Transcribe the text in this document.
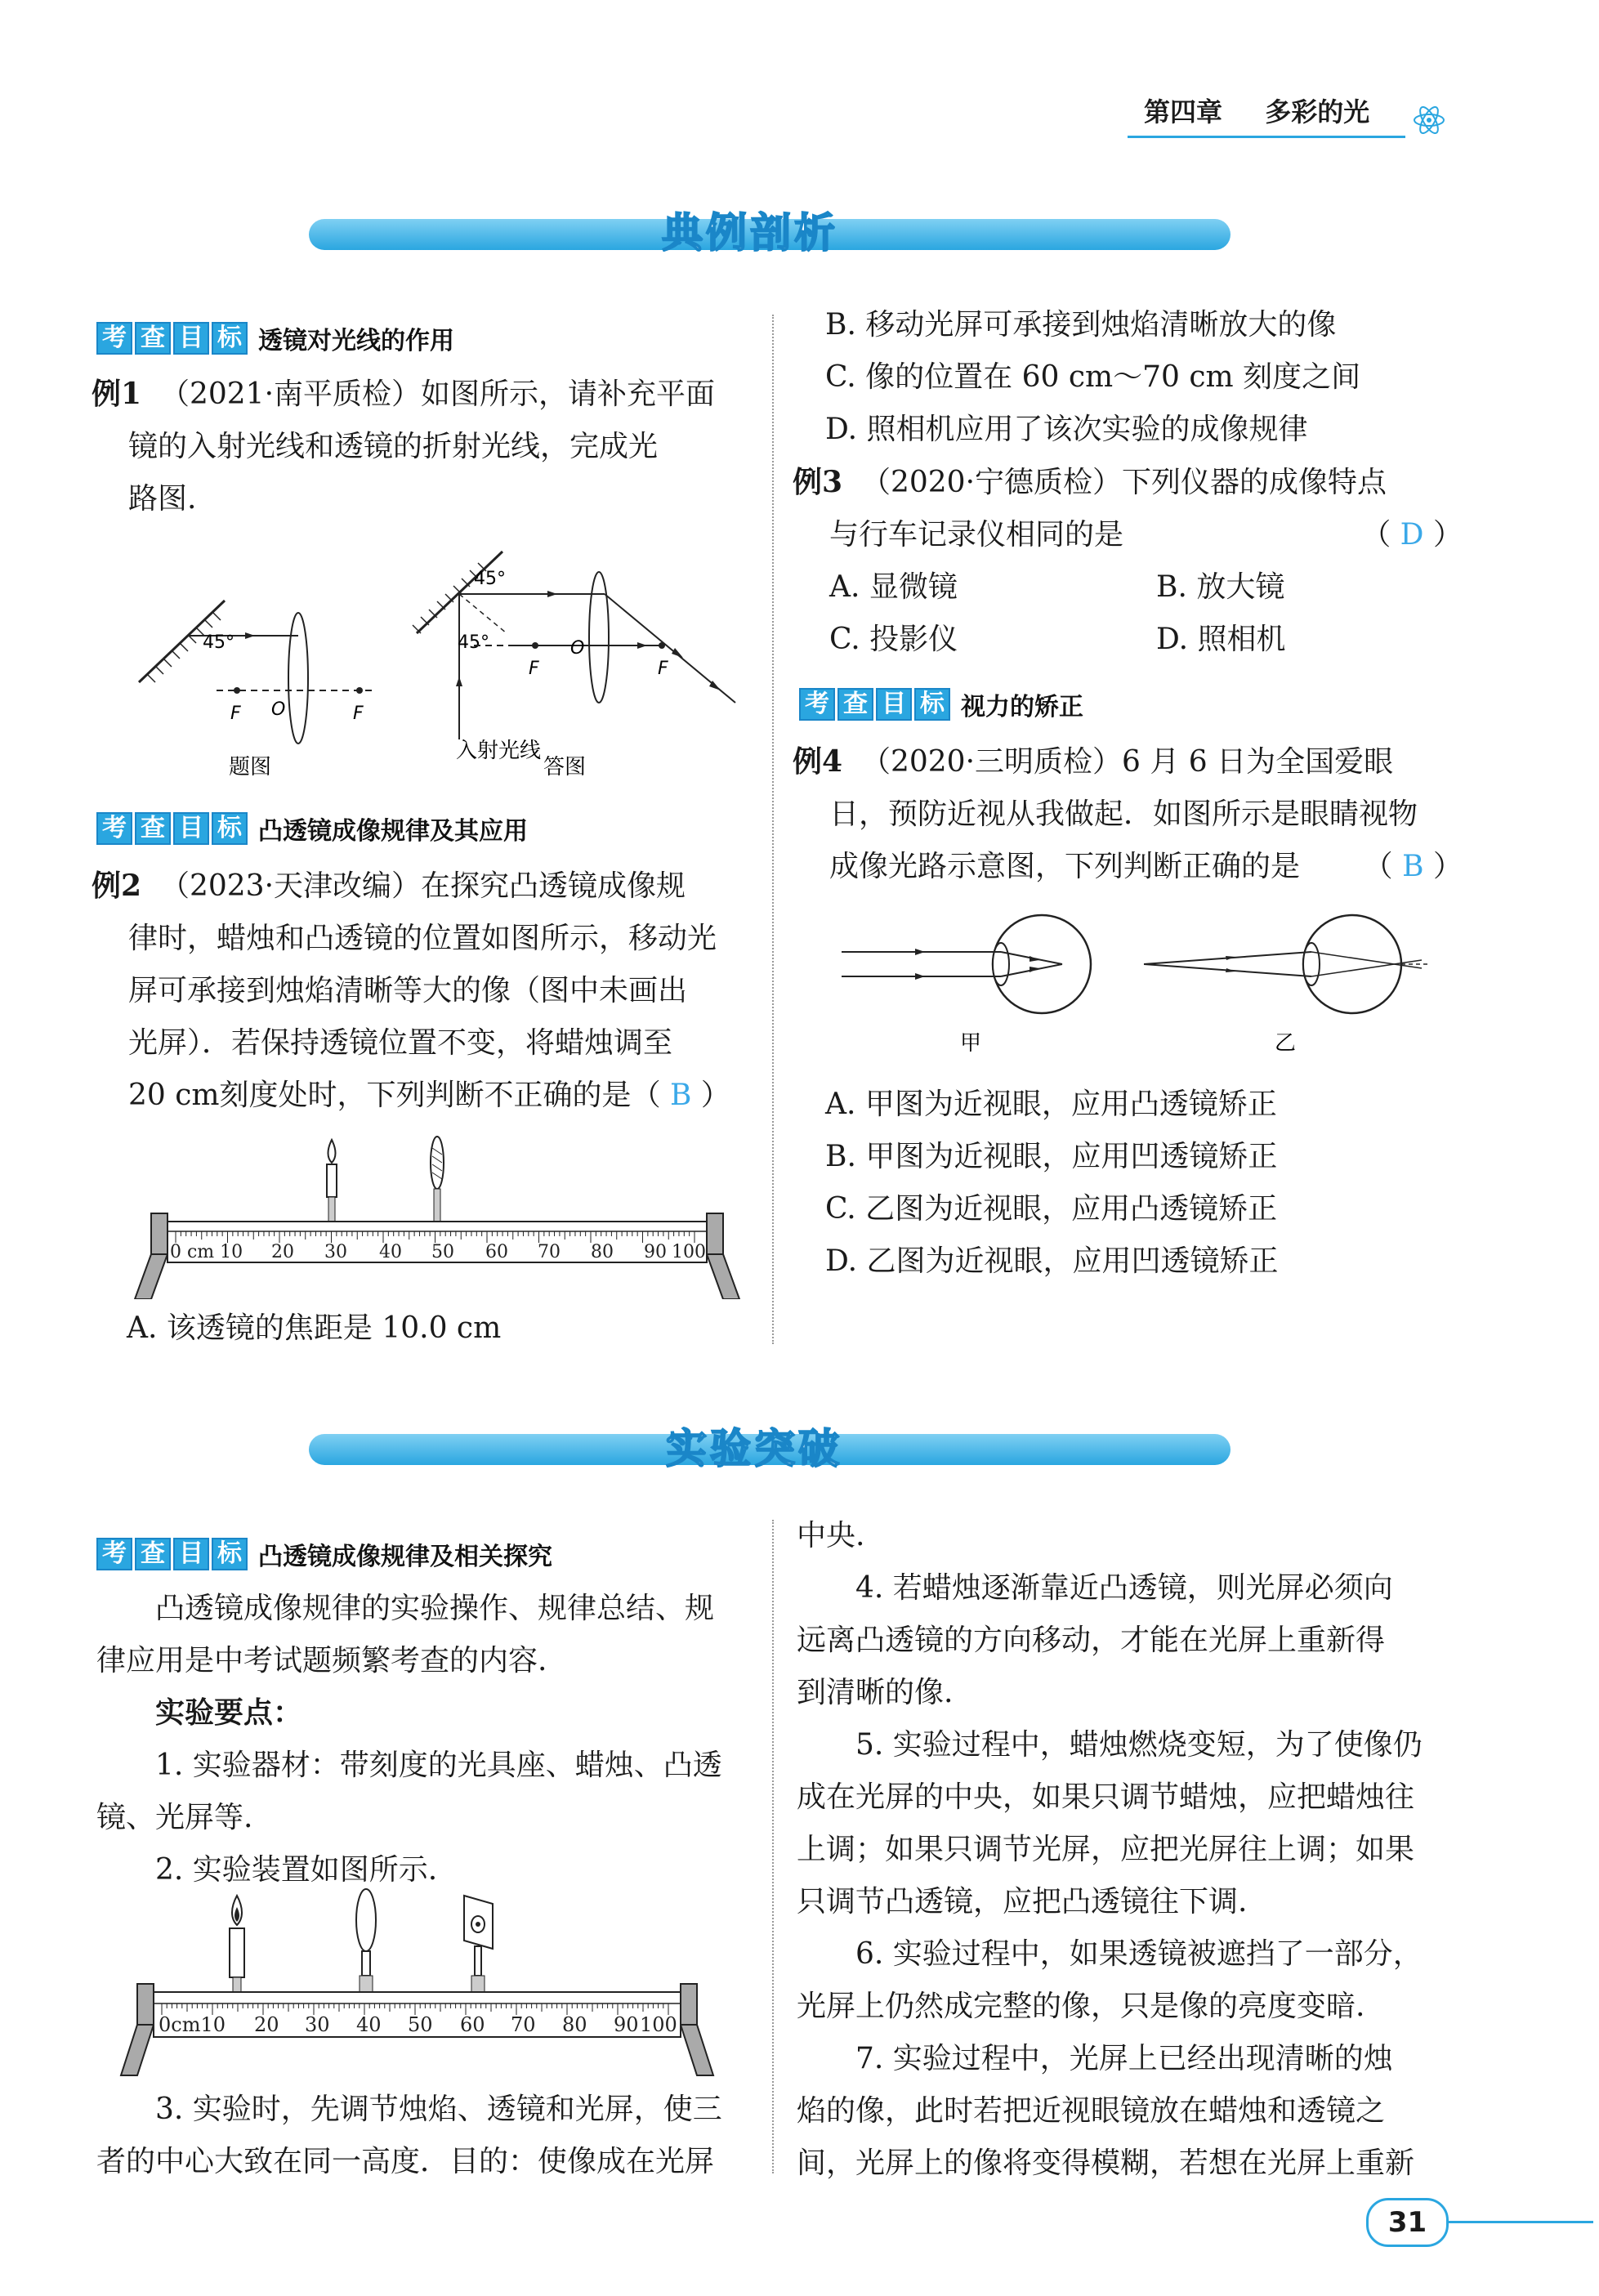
第四章 多彩的光
典例剖析
考 查 目 标 透镜对光线的作用
例1 （2021·南平质检）如图所示，请补充平面
镜的入射光线和透镜的折射光线，完成光
路图.
45°
F O	F
题图
45°
45°
F
O
F
入射光线
答图
考 查 目 标 凸透镜成像规律及其应用
例2 （2023·天津改编）在探究凸透镜成像规
律时，蜡烛和凸透镜的位置如图所示，移动光
屏可承接到烛焰清晰等大的像（图中未画出
光屏）．若保持透镜位置不变，将蜡烛调至
20 cm刻度处时，下列判断不正确的是（ B ）
0 cm 10 20 30 40 50 60 70 80 90 100
A. 该透镜的焦距是 10.0 cm
B. 移动光屏可承接到烛焰清晰放大的像
C. 像的位置在 60 cm～70 cm 刻度之间
D. 照相机应用了该次实验的成像规律
例3 （2020·宁德质检）下列仪器的成像特点
与行车记录仪相同的是	（ D ）
A. 显微镜	B. 放大镜
C. 投影仪	D. 照相机
考 查 目 标 视力的矫正
例4 （2020·三明质检）6 月 6 日为全国爱眼
日，预防近视从我做起．如图所示是眼睛视物
成像光路示意图，下列判断正确的是 （ B ）
甲	乙
A. 甲图为近视眼，应用凸透镜矫正
B. 甲图为近视眼，应用凹透镜矫正
C. 乙图为近视眼，应用凸透镜矫正
D. 乙图为近视眼，应用凹透镜矫正
实验突破
考 查 目 标 凸透镜成像规律及相关探究
凸透镜成像规律的实验操作、规律总结、规
律应用是中考试题频繁考查的内容.
实验要点：
1. 实验器材：带刻度的光具座、蜡烛、凸透
镜、光屏等.
2. 实验装置如图所示.
0cm10 20 30 40 50 60 70 80 90 100
3. 实验时，先调节烛焰、透镜和光屏，使三
者的中心大致在同一高度．目的：使像成在光屏
中央.
4. 若蜡烛逐渐靠近凸透镜，则光屏必须向
远离凸透镜的方向移动，才能在光屏上重新得
到清晰的像.
5. 实验过程中，蜡烛燃烧变短，为了使像仍
成在光屏的中央，如果只调节蜡烛，应把蜡烛往
上调；如果只调节光屏，应把光屏往上调；如果
只调节凸透镜，应把凸透镜往下调.
6. 实验过程中，如果透镜被遮挡了一部分，
光屏上仍然成完整的像，只是像的亮度变暗.
7. 实验过程中，光屏上已经出现清晰的烛
焰的像，此时若把近视眼镜放在蜡烛和透镜之
间，光屏上的像将变得模糊，若想在光屏上重新
31
